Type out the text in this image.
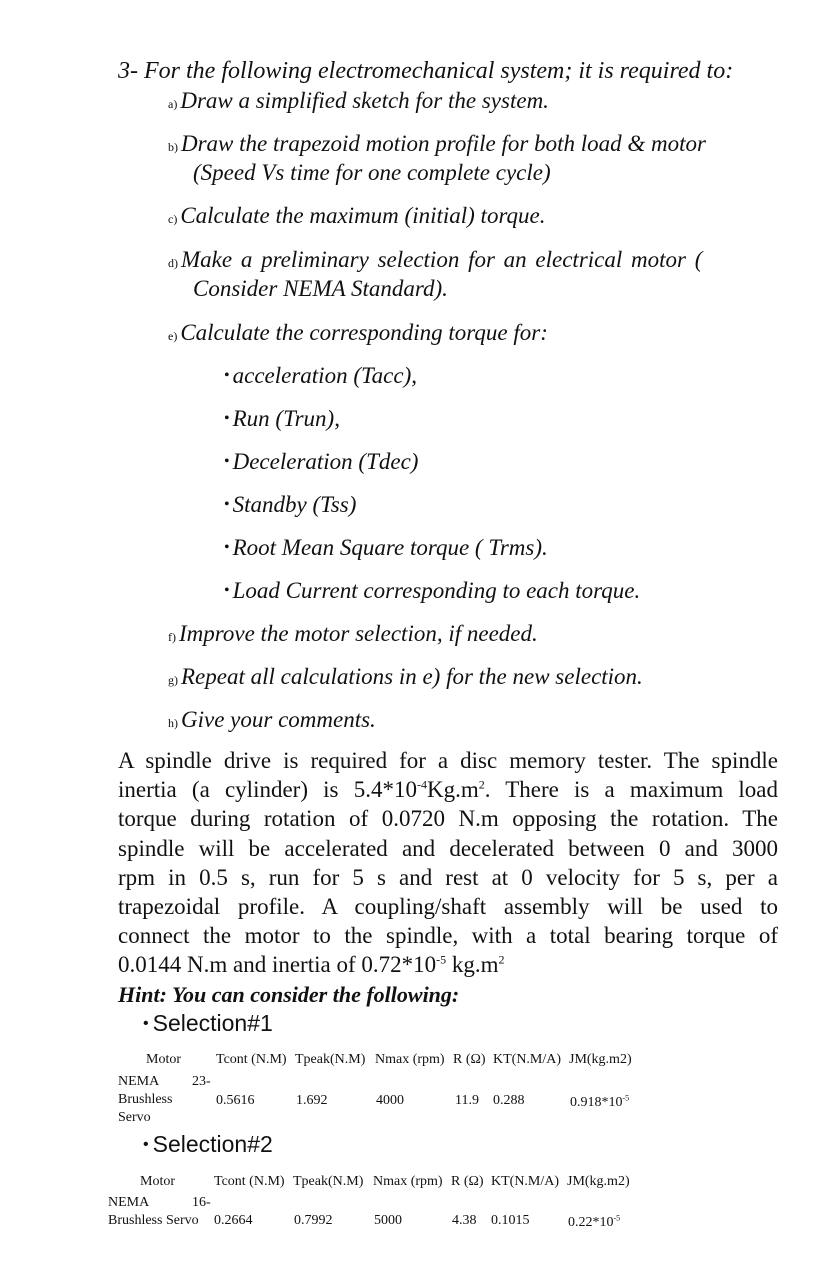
3- For the following electromechanical system; it is required to:
a) Draw a simplified sketch for the system.
b) Draw the trapezoid motion profile for both load & motor
(Speed Vs time for one complete cycle)
c) Calculate the maximum (initial) torque.
d) Make a preliminary selection for an electrical motor (
Consider NEMA Standard).
e) Calculate the corresponding torque for:
• acceleration (Tacc),
• Run (Trun),
• Deceleration (Tdec)
• Standby (Tss)
• Root Mean Square torque ( Trms).
• Load Current corresponding to each torque.
f) Improve the motor selection, if needed.
g) Repeat all calculations in e) for the new selection.
h) Give your comments.
A spindle drive is required for a disc memory tester. The spindle
inertia (a cylinder) is $5.4*10^{-4}Kg.m^2$. There is a maximum load
torque during rotation of 0.0720 N.m opposing the rotation. The
spindle will be accelerated and decelerated between 0 and 3000
rpm in 0.5 s, run for 5 s and rest at 0 velocity for 5 s, per a
trapezoidal profile. A coupling/shaft assembly will be used to
connect the motor to the spindle, with a total bearing torque of
0.0144 N.m and inertia of $0.72*10^{-5}$ $kg.m^2$
Hint: You can consider the following:
• Selection#1
Motor	Tcont (N.M) Tpeak(N.M) Nmax (rpm) R (Ω) KT(N.M/A) JM(kg.m2)
NEMA 23-
Brushless
Servo
0.5616	1.692	4000	11.9 0.288	$0.918*10^{-5}$
• Selection#2
Motor	Tcont (N.M) Tpeak(N.M) Nmax (rpm) R (Ω) KT(N.M/A) JM(kg.m2)
NEMA	16-
Brushless Servo 0.2664	0.7992	5000	4.38 0.1015	$0.22*10^{-5}$
